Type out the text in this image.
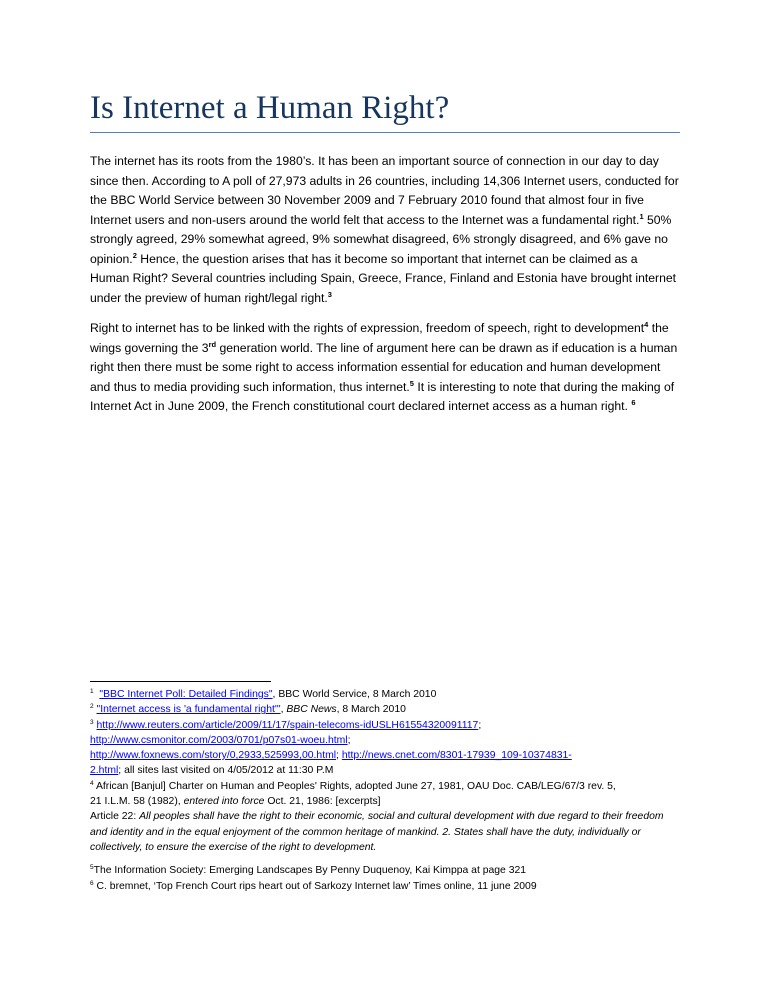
Is Internet a Human Right?

The internet has its roots from the 1980’s. It has been an important source of connection in our day to day since then. According to A poll of 27,973 adults in 26 countries, including 14,306 Internet users, conducted for the BBC World Service between 30 November 2009 and 7 February 2010 found that almost four in five Internet users and non-users around the world felt that access to the Internet was a fundamental right.$^1$ 50% strongly agreed, 29% somewhat agreed, 9% somewhat disagreed, 6% strongly disagreed, and 6% gave no opinion.$^2$ Hence, the question arises that has it become so important that internet can be claimed as a Human Right? Several countries including Spain, Greece, France, Finland and Estonia have brought internet under the preview of human right/legal right.$^3$

Right to internet has to be linked with the rights of expression, freedom of speech, right to development$^4$ the wings governing the 3rd generation world. The line of argument here can be drawn as if education is a human right then there must be some right to access information essential for education and human development and thus to media providing such information, thus internet.$^5$ It is interesting to note that during the making of Internet Act in June 2009, the French constitutional court declared internet access as a human right. $^6$

$^1$ "BBC Internet Poll: Detailed Findings", BBC World Service, 8 March 2010

$^2$ "Internet access is 'a fundamental right'", BBC News, 8 March 2010

$^3$ http://www.reuters.com/article/2009/11/17/spain-telecoms-idUSLH61554320091117;

http://www.csmonitor.com/2003/0701/p07s01-woeu.html;

http://www.foxnews.com/story/0,2933,525993,00.html; http://news.cnet.com/8301-17939_109-10374831-

2.html; all sites last visited on 4/05/2012 at 11:30 P.M

$^4$ African [Banjul] Charter on Human and Peoples' Rights, adopted June 27, 1981, OAU Doc. CAB/LEG/67/3 rev. 5,

21 I.L.M. 58 (1982), entered into force Oct. 21, 1986: [excerpts]

Article 22: All peoples shall have the right to their economic, social and cultural development with due regard to their freedom and identity and in the equal enjoyment of the common heritage of mankind. 2. States shall have the duty, individually or collectively, to ensure the exercise of the right to development.

$^5$The Information Society: Emerging Landscapes By Penny Duquenoy, Kai Kimppa at page 321

$^6$ C. bremnet, ‘Top French Court rips heart out of Sarkozy Internet law’ Times online, 11 june 2009
